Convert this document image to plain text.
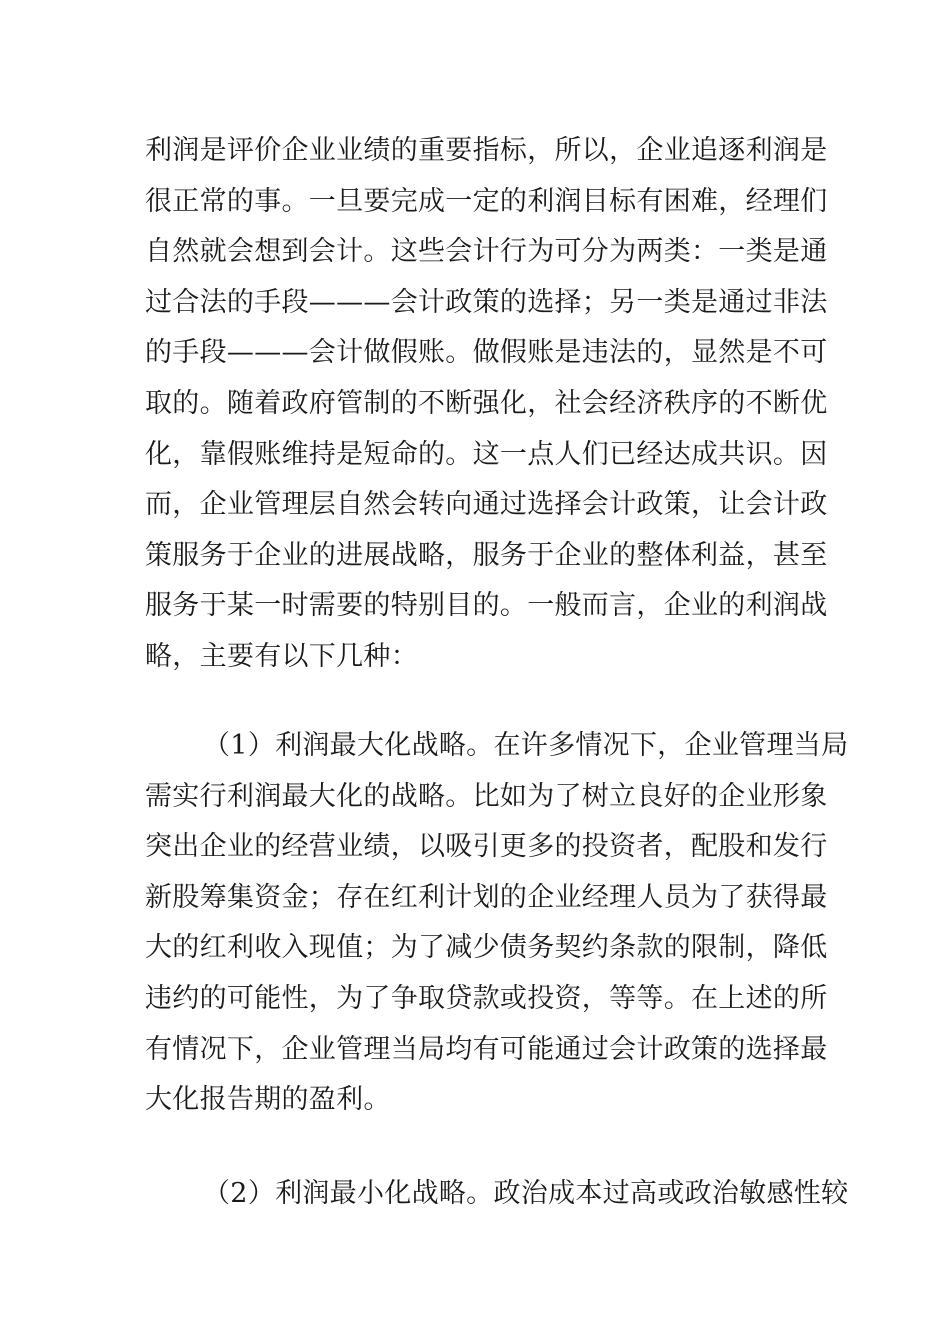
利润是评价企业业绩的重要指标，所以，企业追逐利润是
很正常的事。一旦要完成一定的利润目标有困难，经理们
自然就会想到会计。这些会计行为可分为两类：一类是通
过合法的手段———会计政策的选择；另一类是通过非法
的手段———会计做假账。做假账是违法的，显然是不可
取的。随着政府管制的不断强化，社会经济秩序的不断优
化，靠假账维持是短命的。这一点人们已经达成共识。因
而，企业管理层自然会转向通过选择会计政策，让会计政
策服务于企业的进展战略，服务于企业的整体利益，甚至
服务于某一时需要的特别目的。一般而言，企业的利润战
略，主要有以下几种：
（1）利润最大化战略。在许多情况下，企业管理当局
需实行利润最大化的战略。比如为了树立良好的企业形象
突出企业的经营业绩，以吸引更多的投资者，配股和发行
新股筹集资金；存在红利计划的企业经理人员为了获得最
大的红利收入现值；为了减少债务契约条款的限制，降低
违约的可能性，为了争取贷款或投资，等等。在上述的所
有情况下，企业管理当局均有可能通过会计政策的选择最
大化报告期的盈利。
（2）利润最小化战略。政治成本过高或政治敏感性较
